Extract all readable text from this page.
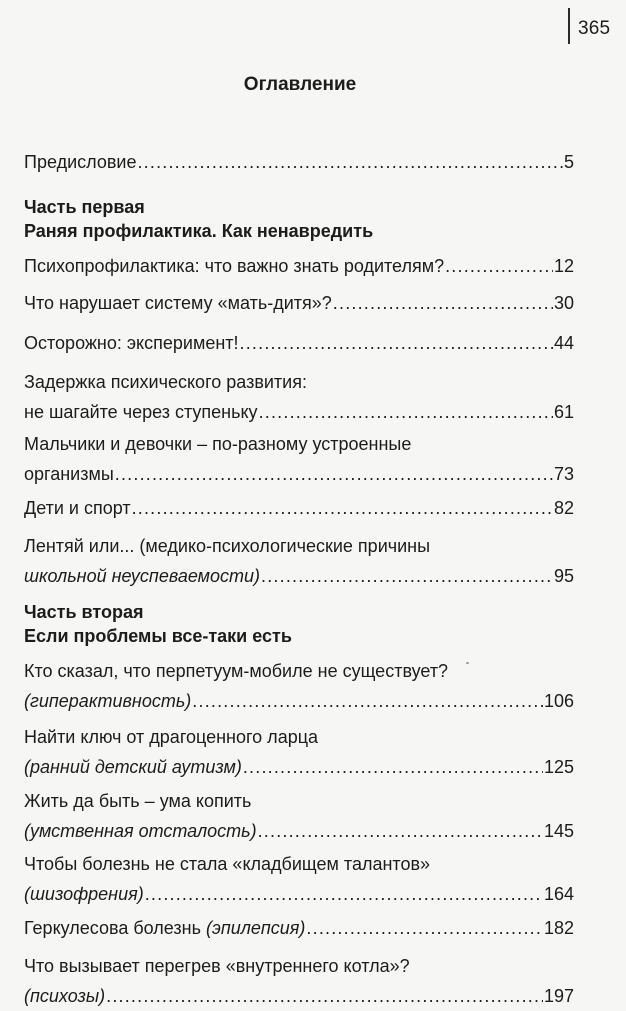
365
Оглавление
Предисловие .....	5
Часть первая
Раняя профилактика. Как ненавредить
Психопрофилактика: что важно знать родителям? .....	12
Что нарушает систему «мать-дитя»? .....	30
Осторожно: эксперимент! .....	44
Задержка психического развития:
не шагайте через ступеньку .....	61
Мальчики и девочки – по-разному устроенные
организмы .....	73
Дети и спорт .....	82
Лентяй или... (медико-психологические причины
школьной неуспеваемости) .....	95
Часть вторая
Если проблемы все-таки есть
Кто сказал, что перпетуум-мобиле не существует?
(гиперактивность) .....	106
Найти ключ от драгоценного ларца
(ранний детский аутизм) .....	125
Жить да быть – ума копить
(умственная отсталость) .....	145
Чтобы болезнь не стала «кладбищем талантов»
(шизофрения) .....	164
Геркулесова болезнь (эпилепсия) .....	182
Что вызывает перегрев «внутреннего котла»?
(психозы) .....	197
